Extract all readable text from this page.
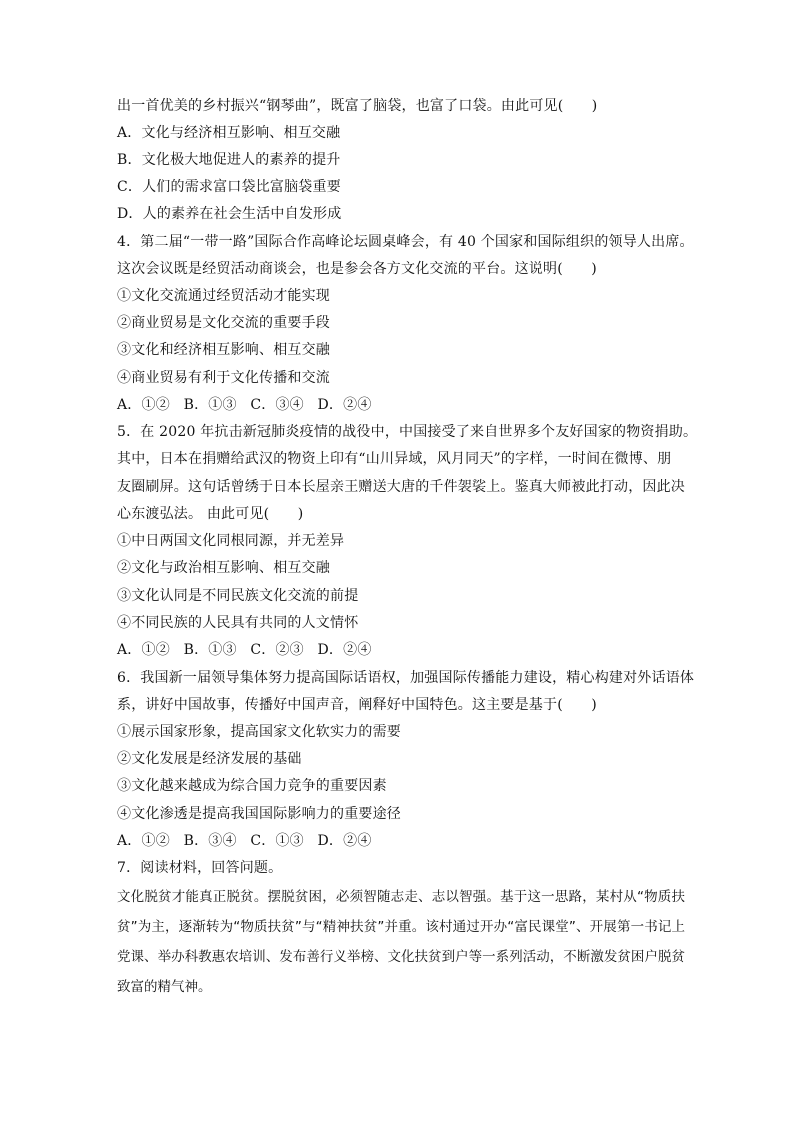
出一首优美的乡村振兴“钢琴曲”，既富了脑袋，也富了口袋。由此可见(　　)
A．文化与经济相互影响、相互交融
B．文化极大地促进人的素养的提升
C．人们的需求富口袋比富脑袋重要
D．人的素养在社会生活中自发形成
4．第二届“一带一路”国际合作高峰论坛圆桌峰会，有 40 个国家和国际组织的领导人出席。
这次会议既是经贸活动商谈会，也是参会各方文化交流的平台。这说明(　　)
①文化交流通过经贸活动才能实现
②商业贸易是文化交流的重要手段
③文化和经济相互影响、相互交融
④商业贸易有利于文化传播和交流
A．①② B．①③ C．③④ D．②④
5．在 2020 年抗击新冠肺炎疫情的战役中，中国接受了来自世界多个友好国家的物资捐助。
其中，日本在捐赠给武汉的物资上印有“山川异域，风月同天”的字样，一时间在微博、朋
友圈刷屏。这句话曾绣于日本长屋亲王赠送大唐的千件袈裟上。鉴真大师被此打动，因此决
心东渡弘法。 由此可见(　　)
①中日两国文化同根同源，并无差异
②文化与政治相互影响、相互交融
③文化认同是不同民族文化交流的前提
④不同民族的人民具有共同的人文情怀
A．①② B．①③ C．②③ D．②④
6．我国新一届领导集体努力提高国际话语权，加强国际传播能力建设，精心构建对外话语体
系，讲好中国故事，传播好中国声音，阐释好中国特色。这主要是基于(　　)
①展示国家形象，提高国家文化软实力的需要
②文化发展是经济发展的基础
③文化越来越成为综合国力竞争的重要因素
④文化渗透是提高我国国际影响力的重要途径
A．①② B．③④ C．①③ D．②④
7．阅读材料，回答问题。

文化脱贫才能真正脱贫。摆脱贫困，必须智随志走、志以智强。基于这一思路，某村从“物质扶贫”为主，逐渐转为“物质扶贫”与“精神扶贫”并重。该村通过开办“富民课堂”、开展第一书记上党课、举办科教惠农培训、发布善行义举榜、文化扶贫到户等一系列活动，不断激发贫困户脱贫致富的精气神。
